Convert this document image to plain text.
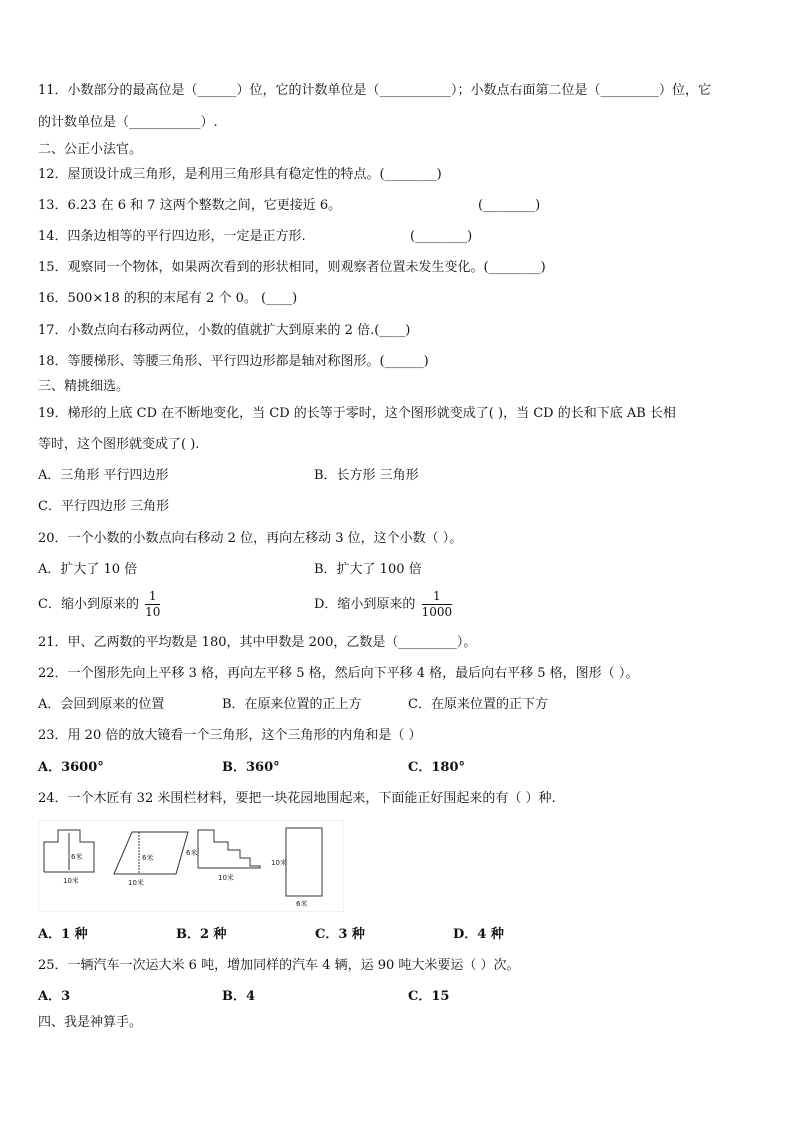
11．小数部分的最高位是（______）位，它的计数单位是（___________）；小数点右面第二位是（_________）位，它
的计数单位是（___________）.
二、公正小法官。
12．屋顶设计成三角形，是利用三角形具有稳定性的特点。(________)
13．6.23 在 6 和 7 这两个整数之间，它更接近 6。	(________)
14．四条边相等的平行四边形，一定是正方形.	(________)
15．观察同一个物体，如果两次看到的形状相同，则观察者位置未发生变化。(________)
16．500×18 的积的末尾有 2 个 0。 (____)
17．小数点向右移动两位，小数的值就扩大到原来的 2 倍.(____)
18．等腰梯形、等腰三角形、平行四边形都是轴对称图形。(______)
三、精挑细选。
19．梯形的上底 CD 在不断地变化，当 CD 的长等于零时，这个图形就变成了( )，当 CD 的长和下底 AB 长相
等时，这个图形就变成了( ).
A．三角形 平行四边形	B．长方形 三角形
C．平行四边形 三角形
20．一个小数的小数点向右移动 2 位，再向左移动 3 位，这个小数（ ）。
A．扩大了 10 倍	B．扩大了 100 倍
C．缩小到原来的 $\frac{1}{10}$	D．缩小到原来的 $\frac{1}{1000}$
21．甲、乙两数的平均数是 180，其中甲数是 200，乙数是（_________）。
22．一个图形先向上平移 3 格，再向左平移 5 格，然后向下平移 4 格，最后向右平移 5 格，图形（ ）。
A．会回到原来的位置	B．在原来位置的正上方	C．在原来位置的正下方
23．用 20 倍的放大镜看一个三角形，这个三角形的内角和是（ ）
A．3600°	B．360°	C．180°
24．一个木匠有 32 米围栏材料，要把一块花园地围起来，下面能正好围起来的有（ ）种.
6米
10米
6米
10米
6米
10米
10米
6米
A．1 种	B．2 种	C．3 种	D．4 种
25．一辆汽车一次运大米 6 吨，增加同样的汽车 4 辆，运 90 吨大米要运（ ）次。
A．3	B．4	C．15
四、我是神算手。
